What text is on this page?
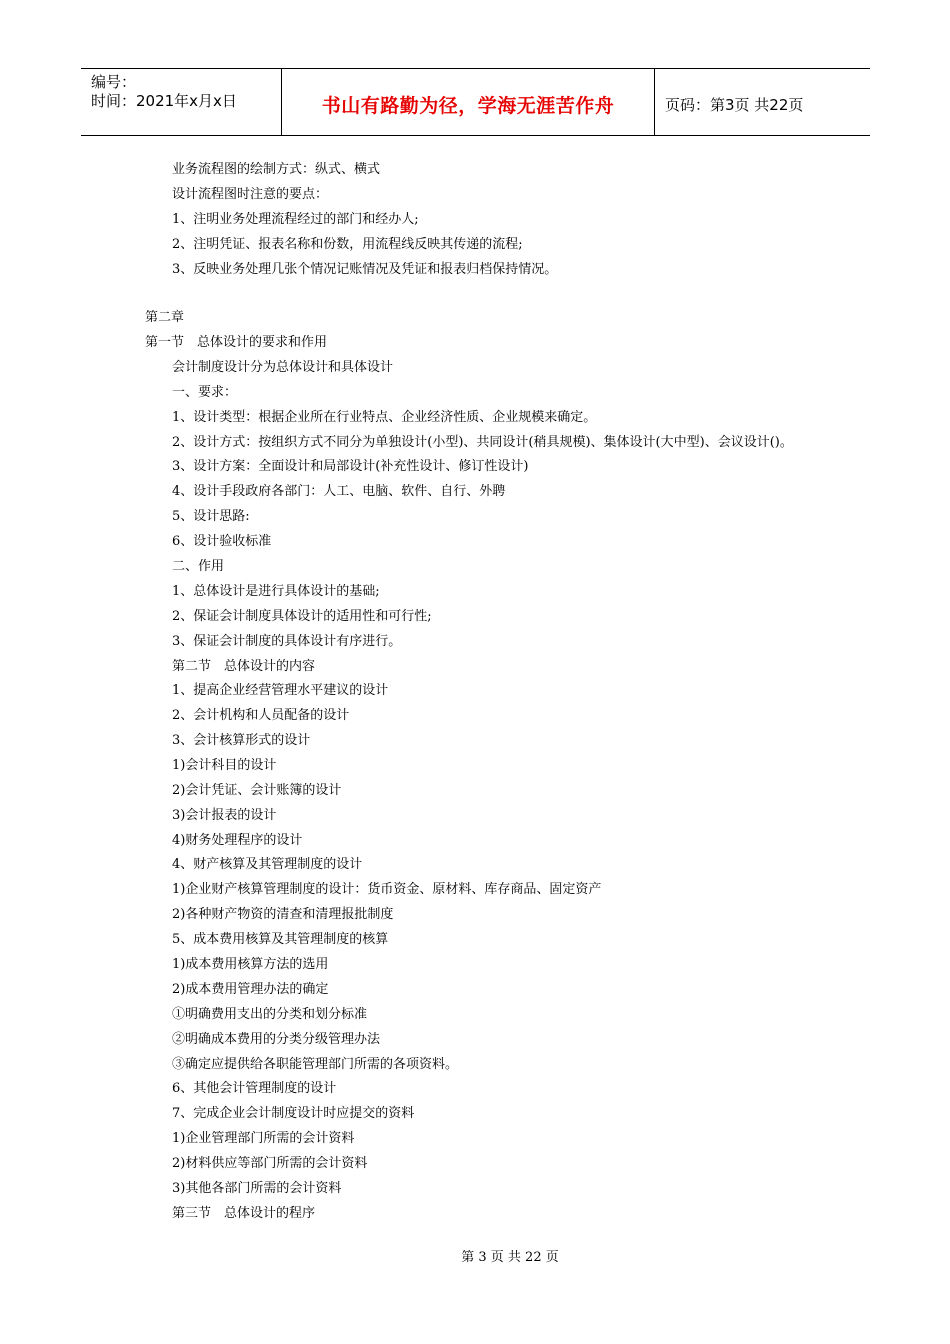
编号：
时间：2021年x月x日	书山有路勤为径，学海无涯苦作舟	页码：第3页 共22页
业务流程图的绘制方式：纵式、横式
设计流程图时注意的要点：
1、注明业务处理流程经过的部门和经办人;
2、注明凭证、报表名称和份数，用流程线反映其传递的流程;
3、反映业务处理几张个情况记账情况及凭证和报表归档保持情况。
第二章
第一节　总体设计的要求和作用
会计制度设计分为总体设计和具体设计
一、要求：
1、设计类型：根据企业所在行业特点、企业经济性质、企业规模来确定。
2、设计方式：按组织方式不同分为单独设计(小型)、共同设计(稍具规模)、集体设计(大中型)、会议设计()。
3、设计方案：全面设计和局部设计(补充性设计、修订性设计)
4、设计手段政府各部门：人工、电脑、软件、自行、外聘
5、设计思路:
6、设计验收标准
二、作用
1、总体设计是进行具体设计的基础;
2、保证会计制度具体设计的适用性和可行性;
3、保证会计制度的具体设计有序进行。
第二节　总体设计的内容
1、提高企业经营管理水平建议的设计
2、会计机构和人员配备的设计
3、会计核算形式的设计
1)会计科目的设计
2)会计凭证、会计账簿的设计
3)会计报表的设计
4)财务处理程序的设计
4、财产核算及其管理制度的设计
1)企业财产核算管理制度的设计：货币资金、原材料、库存商品、固定资产
2)各种财产物资的清查和清理报批制度
5、成本费用核算及其管理制度的核算
1)成本费用核算方法的选用
2)成本费用管理办法的确定
①明确费用支出的分类和划分标准
②明确成本费用的分类分级管理办法
③确定应提供给各职能管理部门所需的各项资料。
6、其他会计管理制度的设计
7、完成企业会计制度设计时应提交的资料
1)企业管理部门所需的会计资料
2)材料供应等部门所需的会计资料
3)其他各部门所需的会计资料
第三节　总体设计的程序
第 3 页 共 22 页
